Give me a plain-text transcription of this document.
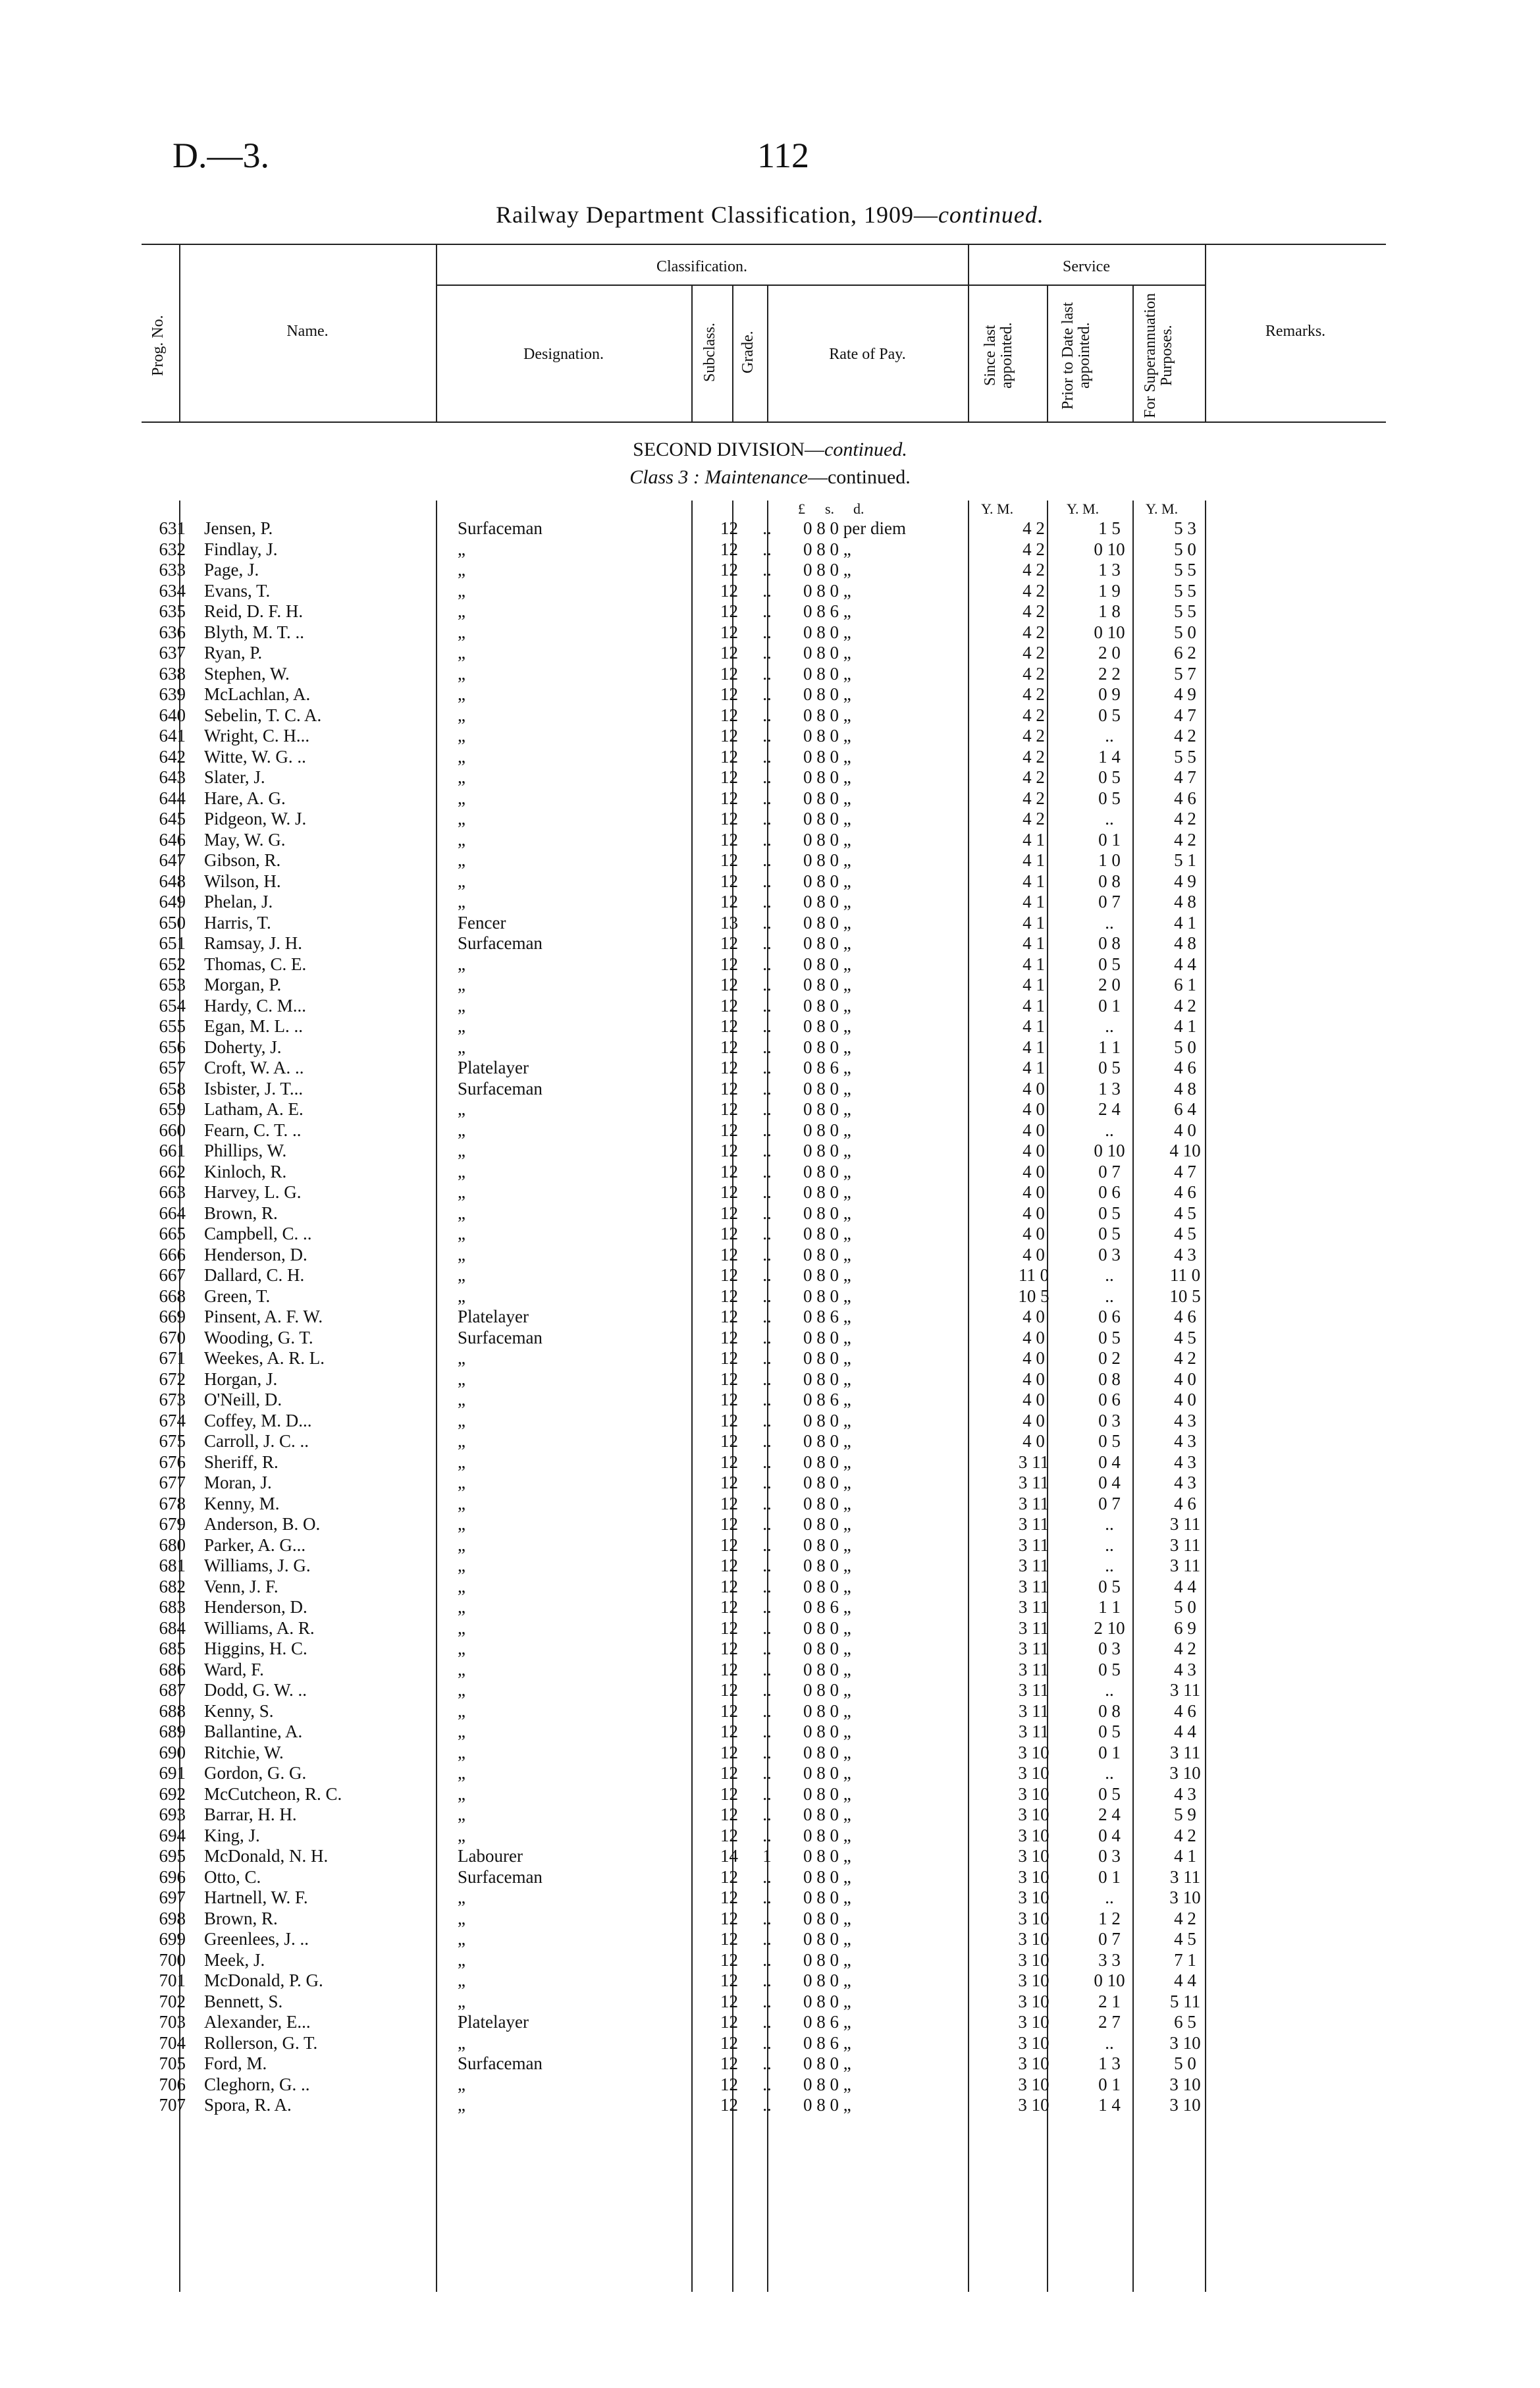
D.—3.	112
Railway Department Classification, 1909—continued.
Prog. No.	Name.
Classification.
Designation.	Subclass. Grade.	Rate of Pay.
Service
Since last appointed.	Prior to Date last appointed.	For Superannuation Purposes.	Remarks.
SECOND DIVISION—continued.
Class 3 : Maintenance—continued.
£ s. d.	Y. M.	Y. M.	Y. M.
631	Jensen, P.	Surfaceman	12	..	0 8 0 per diem	4 2	1 5	5 3
632	Findlay, J.	„	12	..	0 8 0 „	4 2	0 10	5 0
633	Page, J.	„	12	..	0 8 0 „	4 2	1 3	5 5
634	Evans, T.	„	12	..	0 8 0 „	4 2	1 9	5 5
635	Reid, D. F. H.	„	12	..	0 8 6 „	4 2	1 8	5 5
636	Blyth, M. T. ..	„	12	..	0 8 0 „	4 2	0 10	5 0
637	Ryan, P.	„	12	..	0 8 0 „	4 2	2 0	6 2
638	Stephen, W.	„	12	..	0 8 0 „	4 2	2 2	5 7
639	McLachlan, A.	„	12	..	0 8 0 „	4 2	0 9	4 9
640	Sebelin, T. C. A.	„	12	..	0 8 0 „	4 2	0 5	4 7
641	Wright, C. H...	„	12	..	0 8 0 „	4 2	..	4 2
642	Witte, W. G. ..	„	12	..	0 8 0 „	4 2	1 4	5 5
643	Slater, J.	„	12	..	0 8 0 „	4 2	0 5	4 7
644	Hare, A. G.	„	12	..	0 8 0 „	4 2	0 5	4 6
645	Pidgeon, W. J.	„	12	..	0 8 0 „	4 2	..	4 2
646	May, W. G.	„	12	..	0 8 0 „	4 1	0 1	4 2
647	Gibson, R.	„	12	..	0 8 0 „	4 1	1 0	5 1
648	Wilson, H.	„	12	..	0 8 0 „	4 1	0 8	4 9
649	Phelan, J.	„	12	..	0 8 0 „	4 1	0 7	4 8
650	Harris, T.	Fencer	13	..	0 8 0 „	4 1	..	4 1
651	Ramsay, J. H.	Surfaceman	12	..	0 8 0 „	4 1	0 8	4 8
652	Thomas, C. E.	„	12	..	0 8 0 „	4 1	0 5	4 4
653	Morgan, P.	„	12	..	0 8 0 „	4 1	2 0	6 1
654	Hardy, C. M...	„	12	..	0 8 0 „	4 1	0 1	4 2
655	Egan, M. L. ..	„	12	..	0 8 0 „	4 1	..	4 1
656	Doherty, J.	„	12	..	0 8 0 „	4 1	1 1	5 0
657	Croft, W. A. ..	Platelayer	12	..	0 8 6 „	4 1	0 5	4 6
658	Isbister, J. T...	Surfaceman	12	..	0 8 0 „	4 0	1 3	4 8
659	Latham, A. E.	„	12	..	0 8 0 „	4 0	2 4	6 4
660	Fearn, C. T. ..	„	12	..	0 8 0 „	4 0	..	4 0
661	Phillips, W.	„	12	..	0 8 0 „	4 0	0 10	4 10
662	Kinloch, R.	„	12	..	0 8 0 „	4 0	0 7	4 7
663	Harvey, L. G.	„	12	..	0 8 0 „	4 0	0 6	4 6
664	Brown, R.	„	12	..	0 8 0 „	4 0	0 5	4 5
665	Campbell, C. ..	„	12	..	0 8 0 „	4 0	0 5	4 5
666	Henderson, D.	„	12	..	0 8 0 „	4 0	0 3	4 3
667	Dallard, C. H.	„	12	..	0 8 0 „	11 0	..	11 0
668	Green, T.	„	12	..	0 8 0 „	10 5	..	10 5
669	Pinsent, A. F. W.	Platelayer	12	..	0 8 6 „	4 0	0 6	4 6
670	Wooding, G. T.	Surfaceman	12	..	0 8 0 „	4 0	0 5	4 5
671	Weekes, A. R. L.	„	12	..	0 8 0 „	4 0	0 2	4 2
672	Horgan, J.	„	12	..	0 8 0 „	4 0	0 8	4 0
673	O'Neill, D.	„	12	..	0 8 6 „	4 0	0 6	4 0
674	Coffey, M. D...	„	12	..	0 8 0 „	4 0	0 3	4 3
675	Carroll, J. C. ..	„	12	..	0 8 0 „	4 0	0 5	4 3
676	Sheriff, R.	„	12	..	0 8 0 „	3 11	0 4	4 3
677	Moran, J.	„	12	..	0 8 0 „	3 11	0 4	4 3
678	Kenny, M.	„	12	..	0 8 0 „	3 11	0 7	4 6
679	Anderson, B. O.	„	12	..	0 8 0 „	3 11	..	3 11
680	Parker, A. G...	„	12	..	0 8 0 „	3 11	..	3 11
681	Williams, J. G.	„	12	..	0 8 0 „	3 11	..	3 11
682	Venn, J. F.	„	12	..	0 8 0 „	3 11	0 5	4 4
683	Henderson, D.	„	12	..	0 8 6 „	3 11	1 1	5 0
684	Williams, A. R.	„	12	..	0 8 0 „	3 11	2 10	6 9
685	Higgins, H. C.	„	12	..	0 8 0 „	3 11	0 3	4 2
686	Ward, F.	„	12	..	0 8 0 „	3 11	0 5	4 3
687	Dodd, G. W. ..	„	12	..	0 8 0 „	3 11	..	3 11
688	Kenny, S.	„	12	..	0 8 0 „	3 11	0 8	4 6
689	Ballantine, A.	„	12	..	0 8 0 „	3 11	0 5	4 4
690	Ritchie, W.	„	12	..	0 8 0 „	3 10	0 1	3 11
691	Gordon, G. G.	„	12	..	0 8 0 „	3 10	..	3 10
692	McCutcheon, R. C.	„	12	..	0 8 0 „	3 10	0 5	4 3
693	Barrar, H. H.	„	12	..	0 8 0 „	3 10	2 4	5 9
694	King, J.	„	12	..	0 8 0 „	3 10	0 4	4 2
695	McDonald, N. H.	Labourer	14	1	0 8 0 „	3 10	0 3	4 1
696	Otto, C.	Surfaceman	12	..	0 8 0 „	3 10	0 1	3 11
697	Hartnell, W. F.	„	12	..	0 8 0 „	3 10	..	3 10
698	Brown, R.	„	12	..	0 8 0 „	3 10	1 2	4 2
699	Greenlees, J. ..	„	12	..	0 8 0 „	3 10	0 7	4 5
700	Meek, J.	„	12	..	0 8 0 „	3 10	3 3	7 1
701	McDonald, P. G.	„	12	..	0 8 0 „	3 10	0 10	4 4
702	Bennett, S.	„	12	..	0 8 0 „	3 10	2 1	5 11
703	Alexander, E...	Platelayer	12	..	0 8 6 „	3 10	2 7	6 5
704	Rollerson, G. T.	„	12	..	0 8 6 „	3 10	..	3 10
705	Ford, M.	Surfaceman	12	..	0 8 0 „	3 10	1 3	5 0
706	Cleghorn, G. ..	„	12	..	0 8 0 „	3 10	0 1	3 10
707	Spora, R. A.	„	12	..	0 8 0 „	3 10	1 4	3 10
